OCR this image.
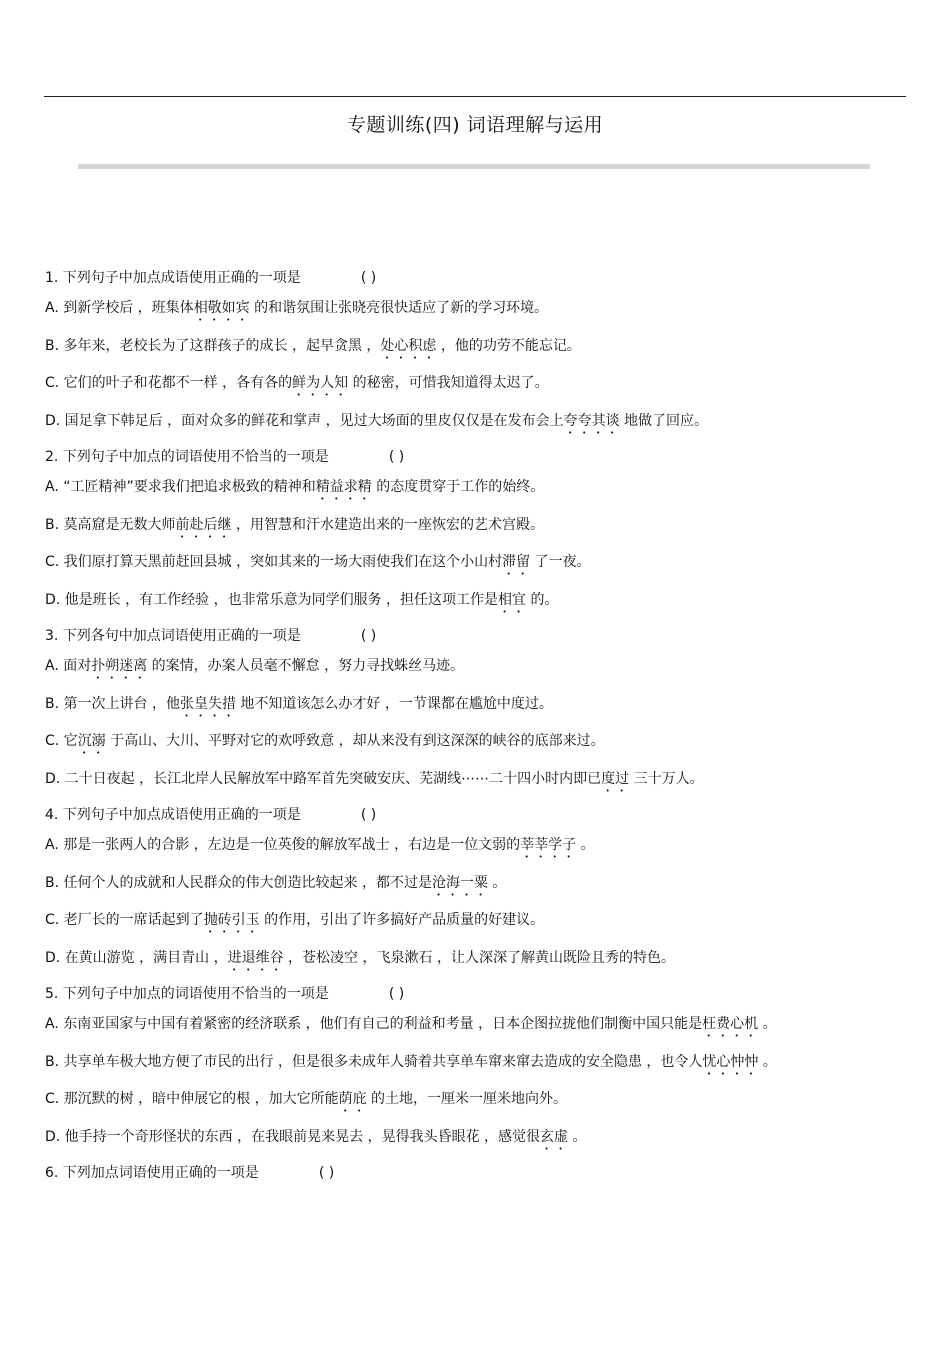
专题训练(四) 词语理解与运用
1. 下列句子中加点成语使用正确的一项是	( )
A. 到新学校后 ，班集体相敬如宾 的和谐氛围让张晓亮很快适应了新的学习环境。
B. 多年来，老校长为了这群孩子的成长 ，起早贪黑 ，处心积虑 ，他的功劳不能忘记。
C. 它们的叶子和花都不一样 ，各有各的鲜为人知 的秘密，可惜我知道得太迟了。
D. 国足拿下韩足后 ，面对众多的鲜花和掌声 ，见过大场面的里皮仅仅是在发布会上夸夸其谈 地做了回应。
2. 下列句子中加点的词语使用不恰当的一项是	( )
A. “工匠精神”要求我们把追求极致的精神和精益求精 的态度贯穿于工作的始终。
B. 莫高窟是无数大师前赴后继 ，用智慧和汗水建造出来的一座恢宏的艺术宫殿。
C. 我们原打算天黑前赶回县城 ，突如其来的一场大雨使我们在这个小山村滞留 了一夜。
D. 他是班长 ，有工作经验 ，也非常乐意为同学们服务 ，担任这项工作是相宜 的。
3. 下列各句中加点词语使用正确的一项是	( )
A. 面对扑朔迷离 的案情，办案人员毫不懈怠 ，努力寻找蛛丝马迹。
B. 第一次上讲台 ，他张皇失措 地不知道该怎么办才好 ，一节课都在尴尬中度过。
C. 它沉溺 于高山、大川、平野对它的欢呼致意 ，却从来没有到这深深的峡谷的底部来过。
D. 二十日夜起 ，长江北岸人民解放军中路军首先突破安庆、芜湖线⋯⋯二十四小时内即已度过 三十万人。
4. 下列句子中加点成语使用正确的一项是	( )
A. 那是一张两人的合影 ，左边是一位英俊的解放军战士 ，右边是一位文弱的莘莘学子 。
B. 任何个人的成就和人民群众的伟大创造比较起来 ，都不过是沧海一粟 。
C. 老厂长的一席话起到了抛砖引玉 的作用，引出了许多搞好产品质量的好建议。
D. 在黄山游览 ，满目青山 ，进退维谷 ，苍松凌空 ，飞泉漱石 ，让人深深了解黄山既险且秀的特色。
5. 下列句子中加点的词语使用不恰当的一项是	( )
A. 东南亚国家与中国有着紧密的经济联系 ，他们有自己的利益和考量 ，日本企图拉拢他们制衡中国只能是枉费心机 。
B. 共享单车极大地方便了市民的出行 ，但是很多未成年人骑着共享单车窜来窜去造成的安全隐患 ，也令人忧心忡忡 。
C. 那沉默的树 ，暗中伸展它的根 ，加大它所能荫庇 的土地，一厘米一厘米地向外。
D. 他手持一个奇形怪状的东西 ，在我眼前晃来晃去 ，晃得我头昏眼花 ，感觉很玄虚 。
6. 下列加点词语使用正确的一项是	( )
